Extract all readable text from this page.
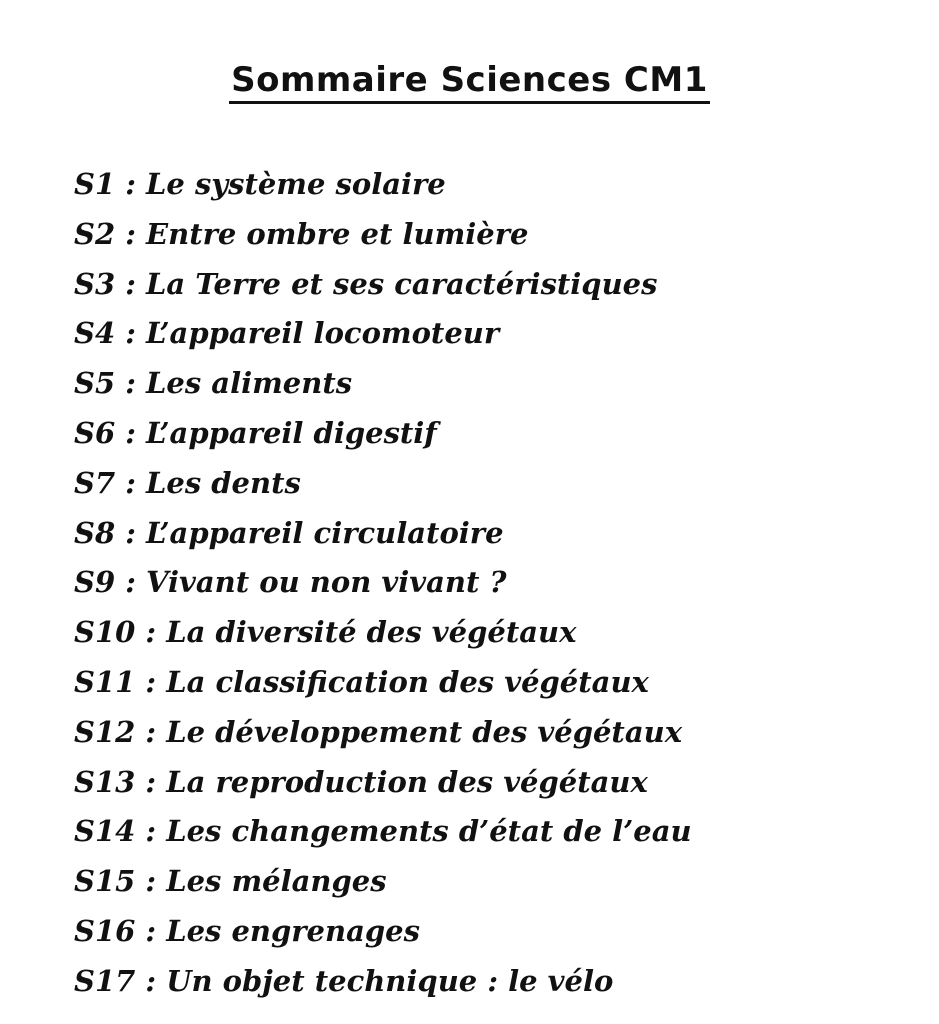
Sommaire Sciences CM1
S1 : Le système solaire
S2 : Entre ombre et lumière
S3 : La Terre et ses caractéristiques
S4 : L’appareil locomoteur
S5 : Les aliments
S6 : L’appareil digestif
S7 : Les dents
S8 : L’appareil circulatoire
S9 : Vivant ou non vivant ?
S10 : La diversité des végétaux
S11 : La classification des végétaux
S12 : Le développement des végétaux
S13 : La reproduction des végétaux
S14 : Les changements d’état de l’eau
S15 : Les mélanges
S16 : Les engrenages
S17 : Un objet technique : le vélo
